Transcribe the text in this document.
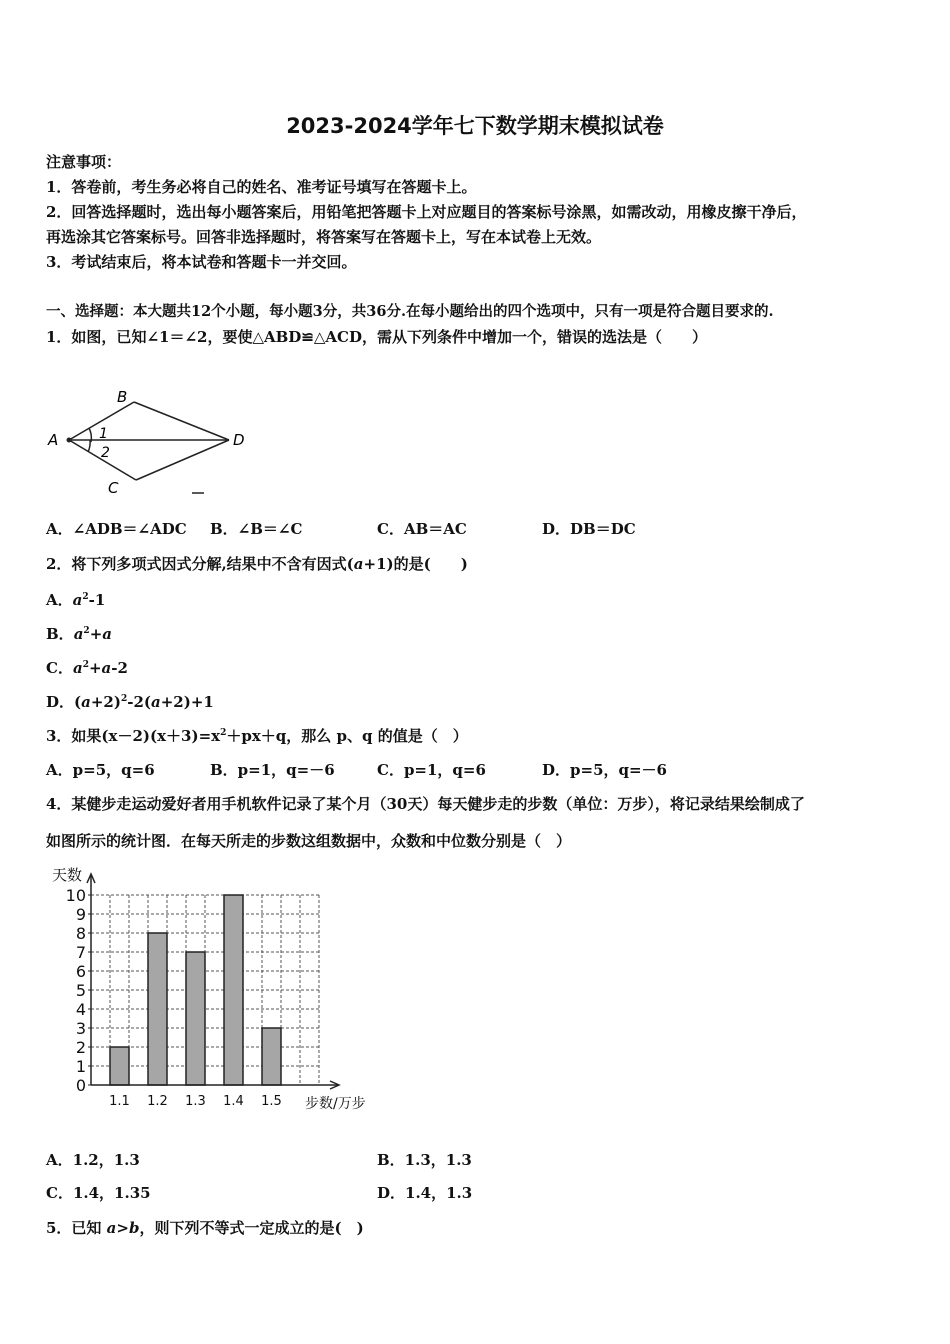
2023-2024学年七下数学期末模拟试卷
注意事项：
1．答卷前，考生务必将自己的姓名、准考证号填写在答题卡上。
2．回答选择题时，选出每小题答案后，用铅笔把答题卡上对应题目的答案标号涂黑，如需改动，用橡皮擦干净后，
再选涂其它答案标号。回答非选择题时，将答案写在答题卡上，写在本试卷上无效。
3．考试结束后，将本试卷和答题卡一并交回。
一、选择题：本大题共12个小题，每小题3分，共36分.在每小题给出的四个选项中，只有一项是符合题目要求的.
1．如图，已知∠1＝∠2，要使△ABD≌△ACD，需从下列条件中增加一个，错误的选法是（　　）
A
B
C
D
1
2
A．∠ADB＝∠ADC B．∠B＝∠C	C．AB＝AC	D．DB＝DC
2．将下列多项式因式分解,结果中不含有因式(a+1)的是(　　)
A．$a^2-1$
B．$a^2+a$
C．$a^2+a-2$
D．$(a+2)^2-2(a+2)+1$
3．如果$(x-2)(x+3)=x^2+px+q$，那么 p、q 的值是（　）
A．p=5，q=6	B．p=1，q=－6	C．p=1，q=6	D．p=5，q=－6
4．某健步走运动爱好者用手机软件记录了某个月（30天）每天健步走的步数（单位：万步），将记录结果绘制成了
如图所示的统计图．在每天所走的步数这组数据中，众数和中位数分别是（　）
0
1
2
3
4
5
6
7
8
9
10
1.1 1.2 1.3 1.4 1.5
天数
步数/万步
A．1.2，1.3	B．1.3，1.3
C．1.4，1.35	D．1.4，1.3
5．已知 a>b，则下列不等式一定成立的是(　)
